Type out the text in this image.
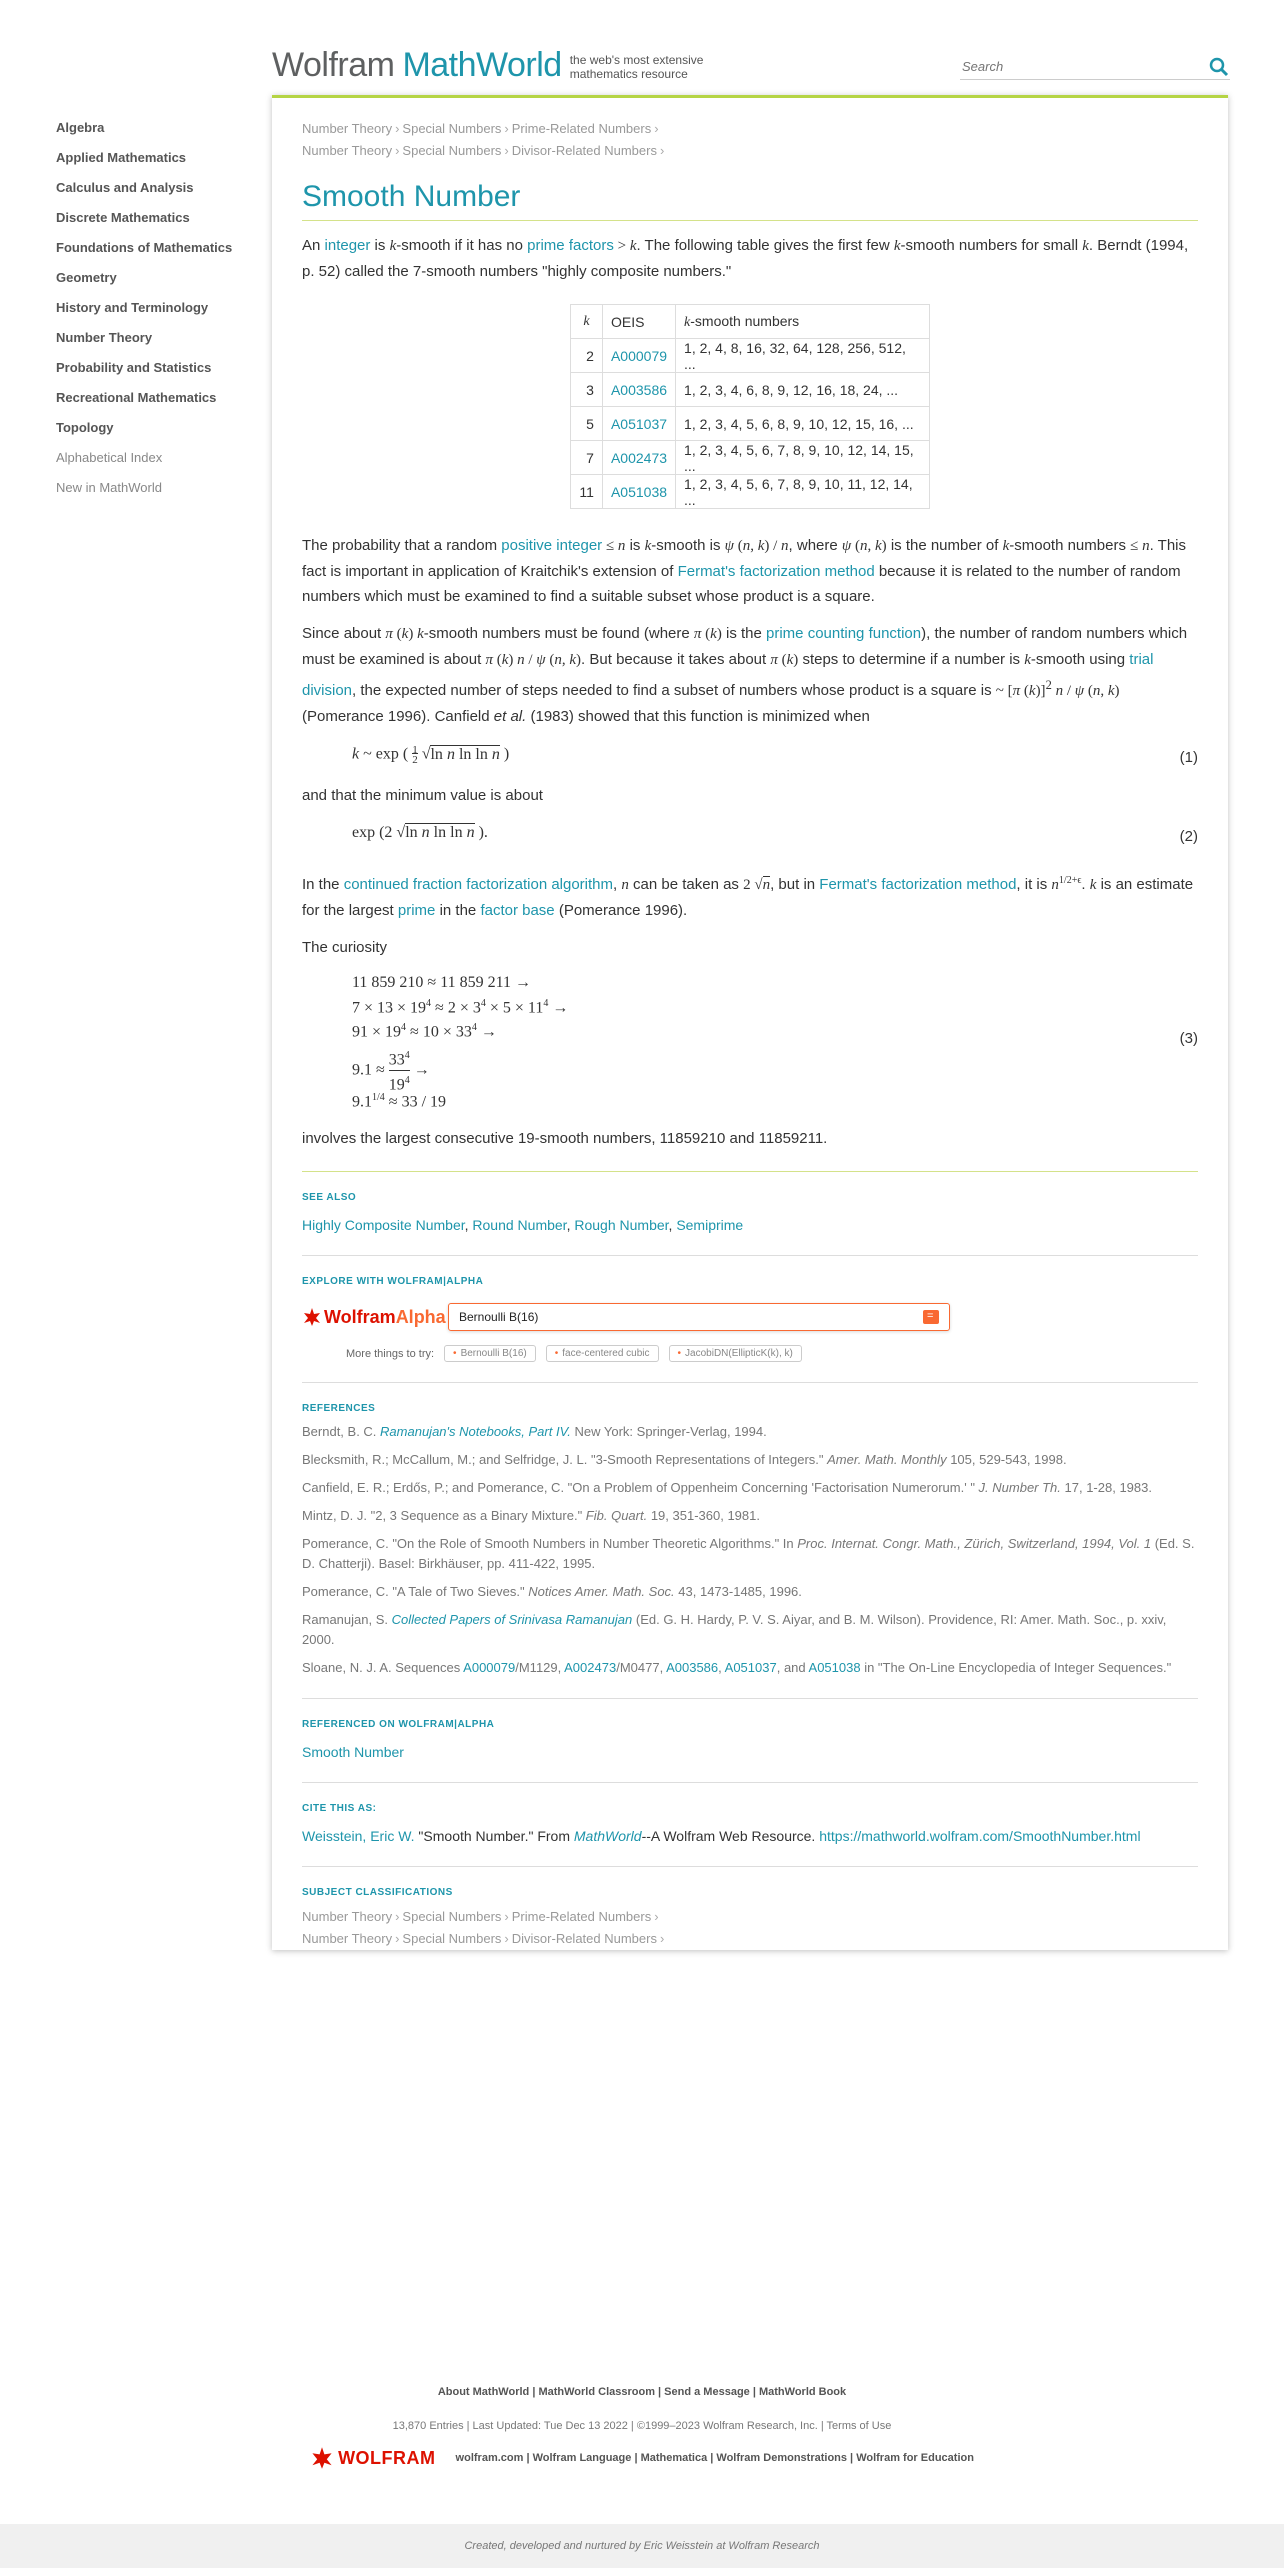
Wolfram MathWorld the web's most extensive mathematics resource
Search
Algebra
Applied Mathematics
Calculus and Analysis
Discrete Mathematics
Foundations of Mathematics
Geometry
History and Terminology
Number Theory
Probability and Statistics
Recreational Mathematics
Topology
Alphabetical Index
New in MathWorld
Number Theory › Special Numbers › Prime-Related Numbers ›
Number Theory › Special Numbers › Divisor-Related Numbers ›
Smooth Number

An integer is k-smooth if it has no prime factors > k. The following table gives the first few k-smooth numbers for small k. Berndt (1994, p. 52) called the 7-smooth numbers "highly composite numbers."

k	OEIS	k-smooth numbers
2	A000079	1, 2, 4, 8, 16, 32, 64, 128, 256, 512, ...
3	A003586	1, 2, 3, 4, 6, 8, 9, 12, 16, 18, 24, ...
5	A051037	1, 2, 3, 4, 5, 6, 8, 9, 10, 12, 15, 16, ...
7	A002473	1, 2, 3, 4, 5, 6, 7, 8, 9, 10, 12, 14, 15, ...
11	A051038	1, 2, 3, 4, 5, 6, 7, 8, 9, 10, 11, 12, 14, ...

The probability that a random positive integer ≤ n is k-smooth is ψ (n, k) / n, where ψ (n, k) is the number of k-smooth numbers ≤ n. This fact is important in application of Kraitchik's extension of Fermat's factorization method because it is related to the number of random numbers which must be examined to find a suitable subset whose product is a square.

Since about π (k) k-smooth numbers must be found (where π (k) is the prime counting function), the number of random numbers which must be examined is about π (k) n / ψ (n, k). But because it takes about π (k) steps to determine if a number is k-smooth using trial division, the expected number of steps needed to find a subset of numbers whose product is a square is ~ [π (k)]$^2$ n / ψ (n, k) (Pomerance 1996). Canfield et al. (1983) showed that this function is minimized when

k ~ exp ( 1
2 √ln n ln ln n )	(1)

and that the minimum value is about

exp (2 √ln n ln ln n ).	(2)

In the continued fraction factorization algorithm, n can be taken as 2 √n, but in Fermat's factorization method, it is $n^{1/2+\epsilon}$. k is an estimate for the largest prime in the factor base (Pomerance 1996).

The curiosity

11 859 210 ≈ 11 859 211 →
$7 \times 13 \times 19^4 \approx 2 \times 3^4 \times 5 \times 11^4$ →
$91 \times 19^4 \approx 10 \times 33^4$ →
$9.1 \approx 33^4$

$19^4$
→
$9.1^{1/4} \approx 33 / 19$
(3)

involves the largest consecutive 19-smooth numbers, 11859210 and 11859211.

SEE ALSO
Highly Composite Number, Round Number, Rough Number, Semiprime
EXPLORE WITH WOLFRAM|ALPHA
Wolfram Alpha	Bernoulli B(16)
=
More things to try:	• Bernoulli B(16)	• face-centered cubic	• JacobiDN(EllipticK(k), k)
REFERENCES
Berndt, B. C. Ramanujan's Notebooks, Part IV. New York: Springer-Verlag, 1994.
Blecksmith, R.; McCallum, M.; and Selfridge, J. L. "3-Smooth Representations of Integers." Amer. Math. Monthly 105, 529-543, 1998.
Canfield, E. R.; Erdős, P.; and Pomerance, C. "On a Problem of Oppenheim Concerning 'Factorisation Numerorum.' " J. Number Th. 17, 1-28, 1983.
Mintz, D. J. "2, 3 Sequence as a Binary Mixture." Fib. Quart. 19, 351-360, 1981.
Pomerance, C. "On the Role of Smooth Numbers in Number Theoretic Algorithms." In Proc. Internat. Congr. Math., Zürich, Switzerland, 1994, Vol. 1 (Ed. S. D. Chatterji). Basel: Birkhäuser, pp. 411-422, 1995.
Pomerance, C. "A Tale of Two Sieves." Notices Amer. Math. Soc. 43, 1473-1485, 1996.
Ramanujan, S. Collected Papers of Srinivasa Ramanujan (Ed. G. H. Hardy, P. V. S. Aiyar, and B. M. Wilson). Providence, RI: Amer. Math. Soc., p. xxiv, 2000.
Sloane, N. J. A. Sequences A000079/M1129, A002473/M0477, A003586, A051037, and A051038 in "The On-Line Encyclopedia of Integer Sequences."
REFERENCED ON WOLFRAM|ALPHA
Smooth Number
CITE THIS AS:
Weisstein, Eric W. "Smooth Number." From MathWorld--A Wolfram Web Resource. https://mathworld.wolfram.com/SmoothNumber.html
SUBJECT CLASSIFICATIONS
Number Theory › Special Numbers › Prime-Related Numbers ›
Number Theory › Special Numbers › Divisor-Related Numbers ›
About MathWorld | MathWorld Classroom | Send a Message | MathWorld Book
13,870 Entries | Last Updated: Tue Dec 13 2022 | ©1999–2023 Wolfram Research, Inc. | Terms of Use
WOLFRAM wolfram.com | Wolfram Language | Mathematica | Wolfram Demonstrations | Wolfram for Education
Created, developed and nurtured by Eric Weisstein at Wolfram Research
